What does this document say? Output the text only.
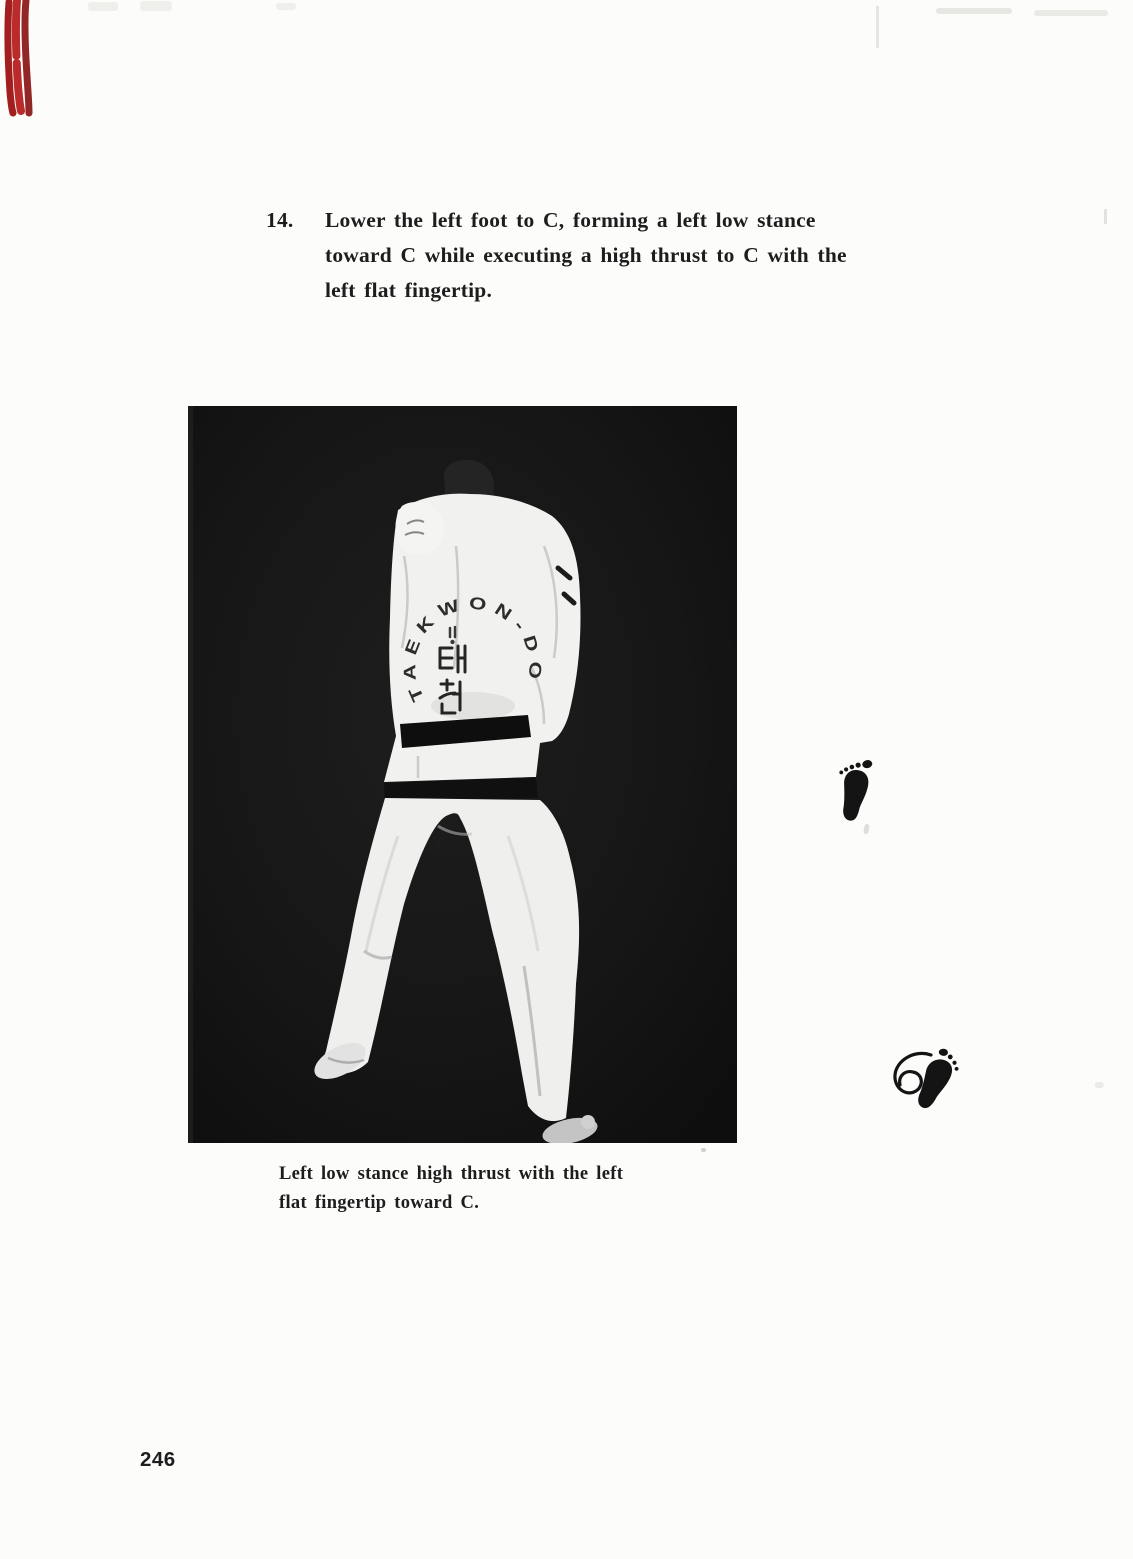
14. Lower the left foot to C, forming a left low stance
toward C while executing a high thrust to C with the
left flat fingertip.
TAEKWON-DO
Left low stance high thrust with the left
flat fingertip toward C.
246
